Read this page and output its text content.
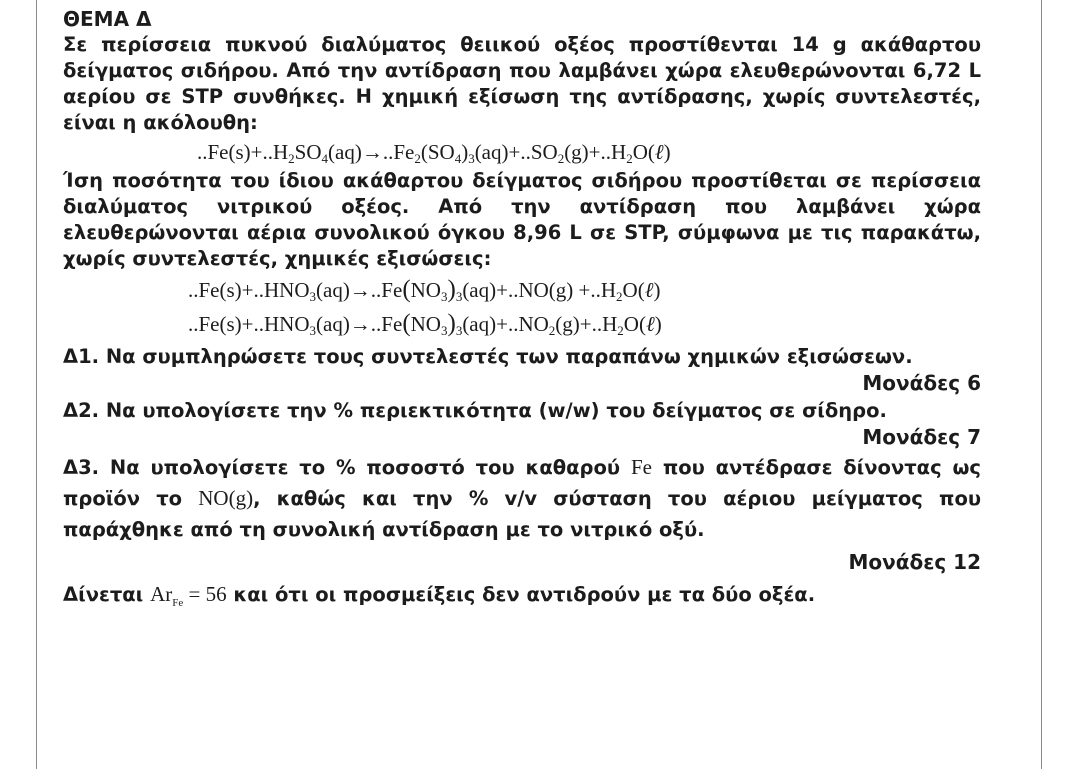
ΘΕΜΑ Δ

Σε περίσσεια πυκνού διαλύματος θειικού οξέος προστίθενται 14 g ακάθαρτου δείγματος σιδήρου. Από την αντίδραση που λαμβάνει χώρα ελευθερώνονται 6,72 L αερίου σε STP συνθήκες. Η χημική εξίσωση της αντίδρασης, χωρίς συντελεστές, είναι η ακόλουθη:

$..Fe(s)+..H_2SO_4(aq)\to..Fe_2(SO_4)_3(aq)+..SO_2(g)+..H_2O(\ell)$

Ίση ποσότητα του ίδιου ακάθαρτου δείγματος σιδήρου προστίθεται σε περίσσεια διαλύματος νιτρικού οξέος. Από την αντίδραση που λαμβάνει χώρα ελευθερώνονται αέρια συνολικού όγκου 8,96 L σε STP, σύμφωνα με τις παρακάτω, χωρίς συντελεστές, χημικές εξισώσεις:

$..Fe(s)+..HNO_3(aq)\to..Fe(NO_3)_3(aq)+..NO(g)$ $+..H_2O(\ell)$
$..Fe(s)+..HNO_3(aq)\to..Fe(NO_3)_3(aq)+..NO_2(g)+..H_2O(\ell)$

Δ1. Να συμπληρώσετε τους συντελεστές των παραπάνω χημικών εξισώσεων.

Μονάδες 6

Δ2. Να υπολογίσετε την % περιεκτικότητα (w/w) του δείγματος σε σίδηρο.

Μονάδες 7

Δ3. Να υπολογίσετε το % ποσοστό του καθαρού Fe που αντέδρασε δίνοντας ως προϊόν το NO(g), καθώς και την % v/v σύσταση του αέριου μείγματος που παράχθηκε από τη συνολική αντίδραση με το νιτρικό οξύ.

Μονάδες 12

Δίνεται $Ar_{Fe} = 56$ και ότι οι προσμείξεις δεν αντιδρούν με τα δύο οξέα.
